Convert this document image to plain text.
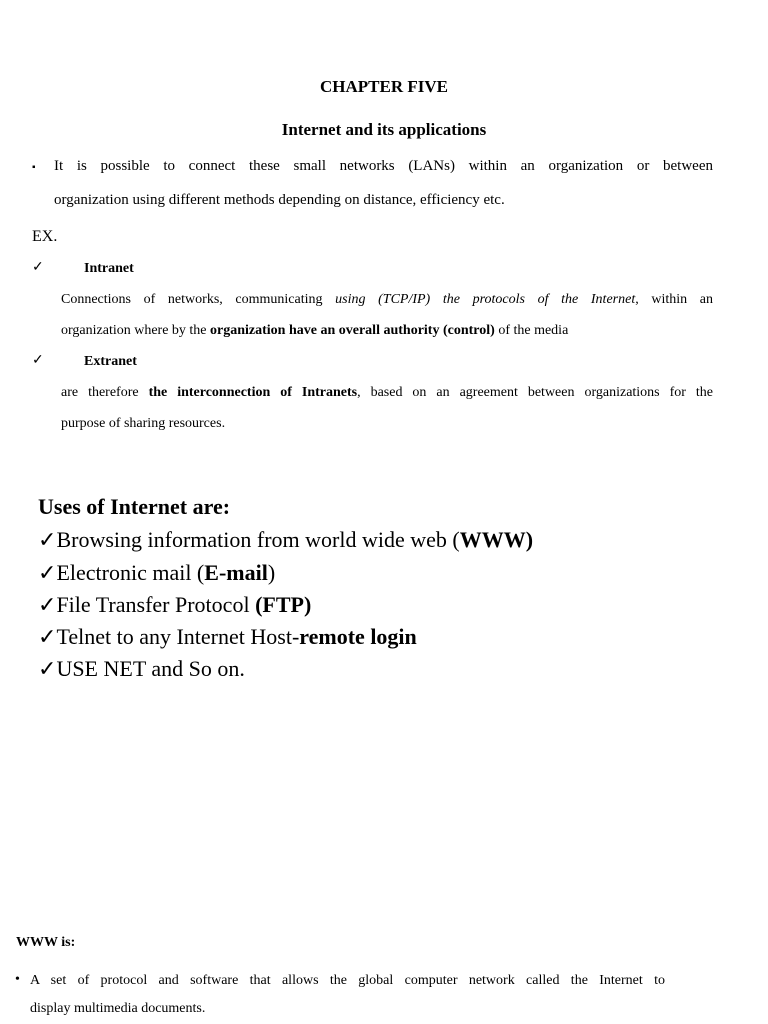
CHAPTER FIVE
Internet and its applications
▪ It is possible to connect these small networks (LANs) within an organization or between
organization using different methods depending on distance, efficiency etc.
EX.
✓	Intranet
Connections of networks, communicating using (TCP/IP) the protocols of the Internet, within an
organization where by the organization have an overall authority (control) of the media
✓	Extranet
are therefore the interconnection of Intranets, based on an agreement between organizations for the
purpose of sharing resources.
Uses of Internet are:
✓Browsing information from world wide web (WWW)
✓Electronic mail (E-mail)
✓File Transfer Protocol (FTP)
✓Telnet to any Internet Host-remote login
✓USE NET and So on.
WWW is:
• A set of protocol and software that allows the global computer network called the Internet to
display multimedia documents.
